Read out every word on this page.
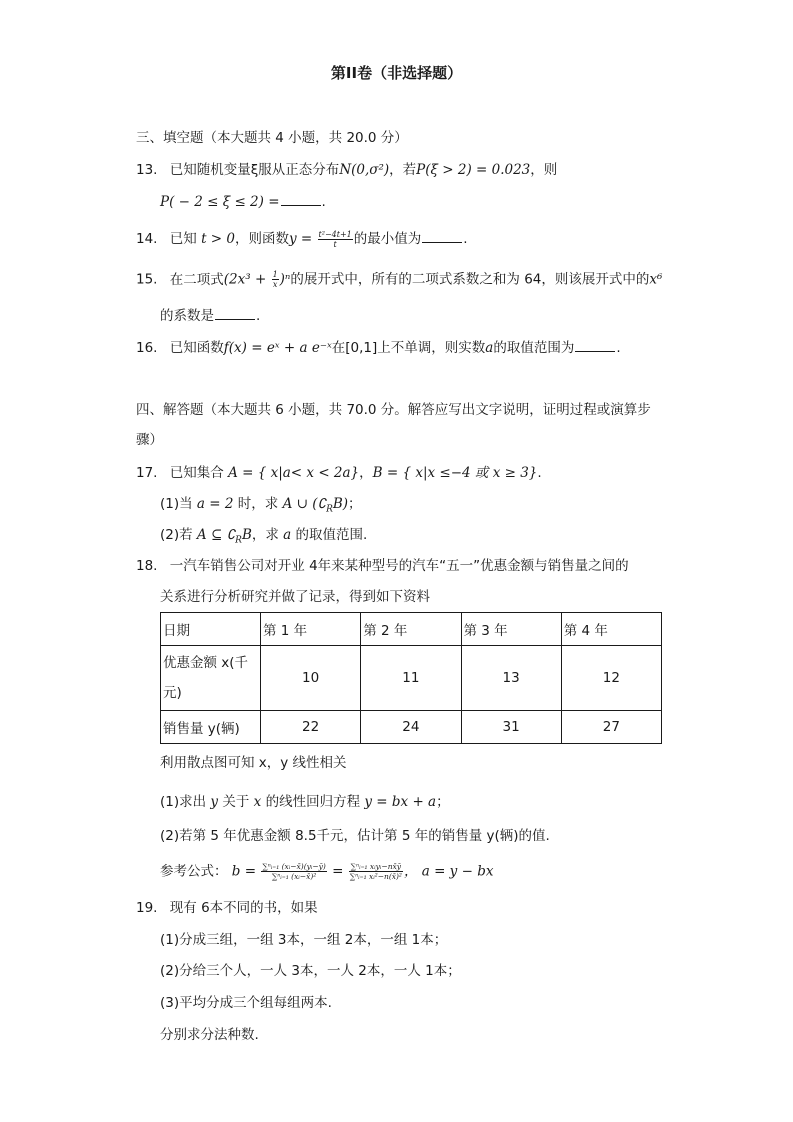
第II卷（非选择题）
三、填空题（本大题共 4 小题，共 20.0 分）
13. 已知随机变量ξ服从正态分布N(0,σ²)，若P(ξ > 2) = 0.023，则
P( − 2 ≤ ξ ≤ 2) =	.
14. 已知 t > 0，则函数$y = \frac{\text{t²−4t+1}}{t}$ 的最小值为	.
15. 在二项式$(2x^3 + \frac{1}{x} )^n$的展开式中，所有的二项式系数之和为 64，则该展开式中的x⁶
的系数是	.
16. 已知函数f(x) = eˣ + a e⁻ˣ在[0,1]上不单调，则实数a的取值范围为	.
四、解答题（本大题共 6 小题，共 70.0 分。解答应写出文字说明，证明过程或演算步
骤）
17. 已知集合 A = { x|a< x < 2a}，B = { x|x ≤−4 或 x ≥ 3}.
(1)当 a = 2 时，求 A ∪ $(∁_RB)$；
(2)若 A ⊆ $∁_RB$，求 a 的取值范围.
18. 一汽车销售公司对开业 4年来某种型号的汽车“五一”优惠金额与销售量之间的
关系进行分析研究并做了记录，得到如下资料
日期	第 1 年	第 2 年	第 3 年	第 4 年
优惠金额 x(千元)	10	11	13	12
销售量 y(辆)	22	24	31	27
利用散点图可知 x，y 线性相关
(1)求出 y 关于 x 的线性回归方程 y = bx + a；
(2)若第 5 年优惠金额 8.5千元，估计第 5 年的销售量 y(辆)的值.
参考公式： $b = \frac{\text{∑ⁿᵢ₌₁ (xᵢ−x̄)(yᵢ−ȳ)}}{\text{∑ⁿᵢ₌₁ (xᵢ−x̄)²}} = \frac{\text{∑ⁿᵢ₌₁ xᵢyᵢ−nx̄ȳ}}{\text{∑ⁿᵢ₌₁ xᵢ²−n(x̄)²}}$ ， a = y − bx
19. 现有 6本不同的书，如果
(1)分成三组，一组 3本，一组 2本，一组 1本；
(2)分给三个人，一人 3本，一人 2本，一人 1本；
(3)平均分成三个组每组两本.
分别求分法种数.
